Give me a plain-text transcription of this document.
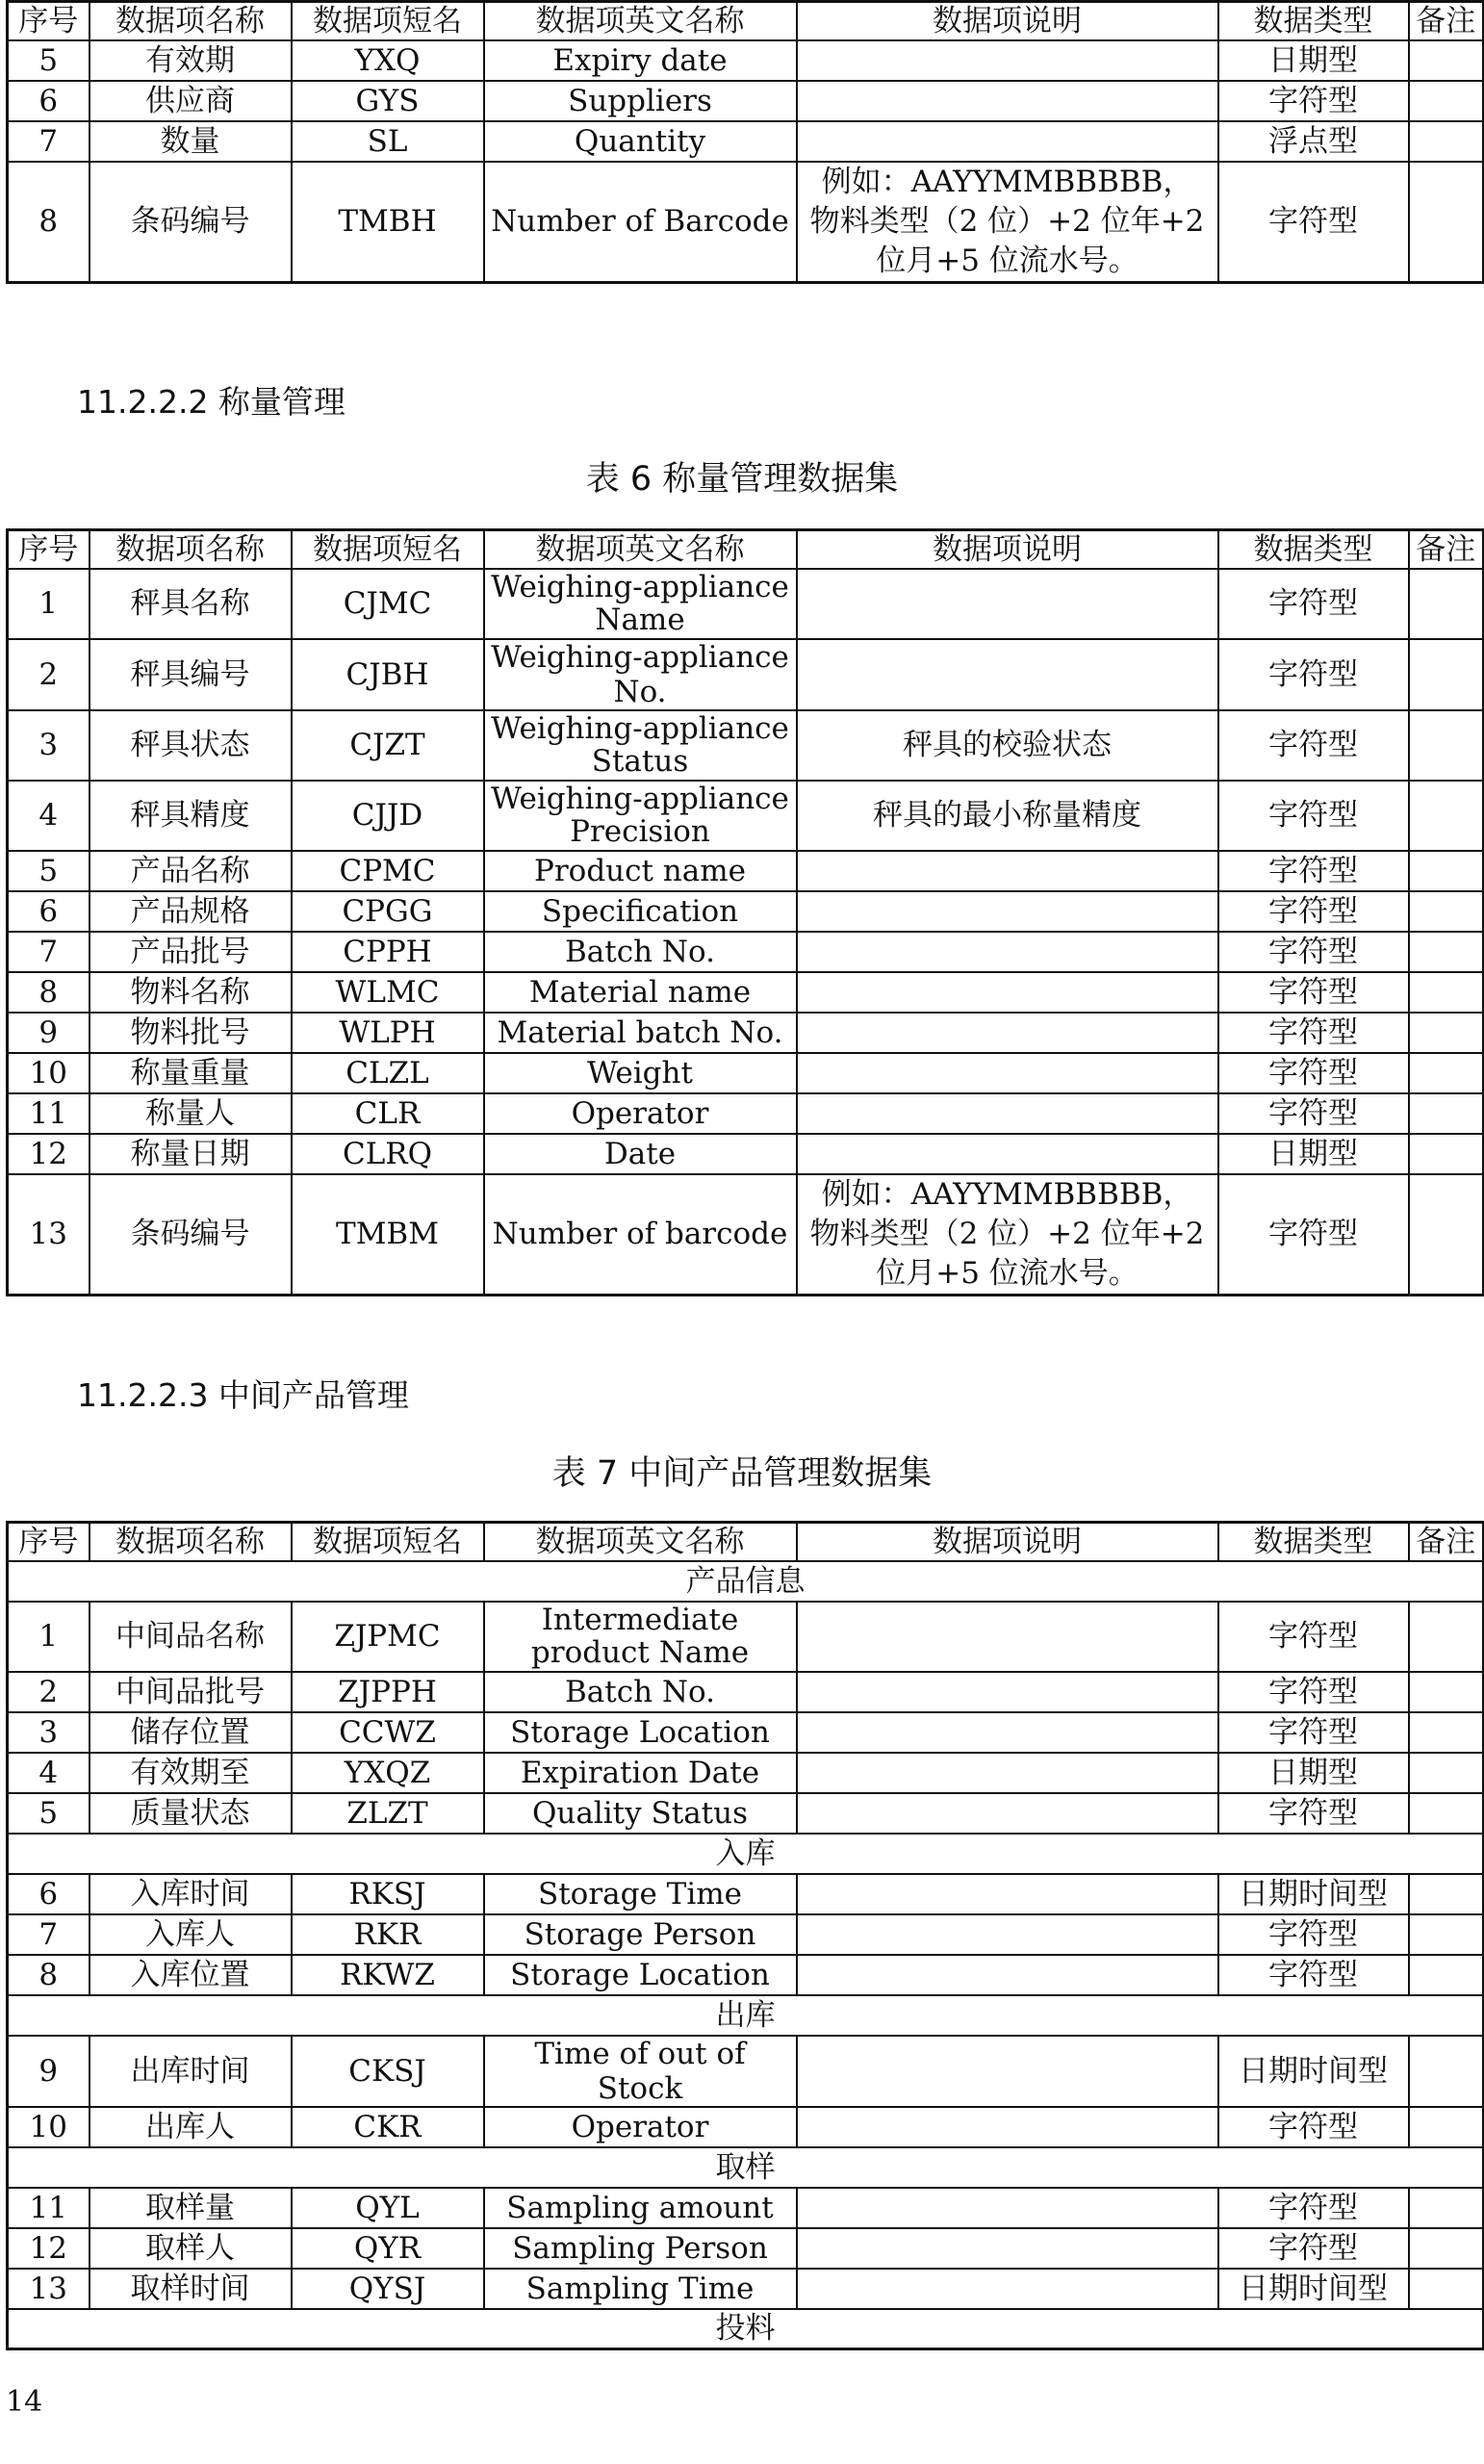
序号	数据项名称	数据项短名	数据项英文名称	数据项说明	数据类型	备注
5	有效期	YXQ	Expiry date		日期型	
6	供应商	GYS	Suppliers		字符型	
7	数量	SL	Quantity		浮点型	
8	条码编号	TMBH	Number of Barcode	例如：AAYYMMBBBBB，物料类型（2 位）+2 位年+2 位月+5 位流水号。	字符型	
11.2.2.2 称量管理
表 6 称量管理数据集
序号	数据项名称	数据项短名	数据项英文名称	数据项说明	数据类型	备注
1	秤具名称	CJMC	Weighing-appliance Name		字符型	
2	秤具编号	CJBH	Weighing-appliance No.		字符型	
3	秤具状态	CJZT	Weighing-appliance Status	秤具的校验状态	字符型	
4	秤具精度	CJJD	Weighing-appliance Precision	秤具的最小称量精度	字符型	
5	产品名称	CPMC	Product name		字符型	
6	产品规格	CPGG	Specification		字符型	
7	产品批号	CPPH	Batch No.		字符型	
8	物料名称	WLMC	Material name		字符型	
9	物料批号	WLPH	Material batch No.		字符型	
10	称量重量	CLZL	Weight		字符型	
11	称量人	CLR	Operator		字符型	
12	称量日期	CLRQ	Date		日期型	
13	条码编号	TMBM	Number of barcode	例如：AAYYMMBBBBB，物料类型（2 位）+2 位年+2 位月+5 位流水号。	字符型	
11.2.2.3 中间产品管理
表 7 中间产品管理数据集
序号	数据项名称	数据项短名	数据项英文名称	数据项说明	数据类型	备注
产品信息						
1	中间品名称	ZJPMC	Intermediate product Name		字符型	
2	中间品批号	ZJPPH	Batch No.		字符型	
3	储存位置	CCWZ	Storage Location		字符型	
4	有效期至	YXQZ	Expiration Date		日期型	
5	质量状态	ZLZT	Quality Status		字符型	
入库						
6	入库时间	RKSJ	Storage Time		日期时间型	
7	入库人	RKR	Storage Person		字符型	
8	入库位置	RKWZ	Storage Location		字符型	
出库						
9	出库时间	CKSJ	Time of out of Stock		日期时间型	
10	出库人	CKR	Operator		字符型	
取样						
11	取样量	QYL	Sampling amount		字符型	
12	取样人	QYR	Sampling Person		字符型	
13	取样时间	QYSJ	Sampling Time		日期时间型	
投料						
14
